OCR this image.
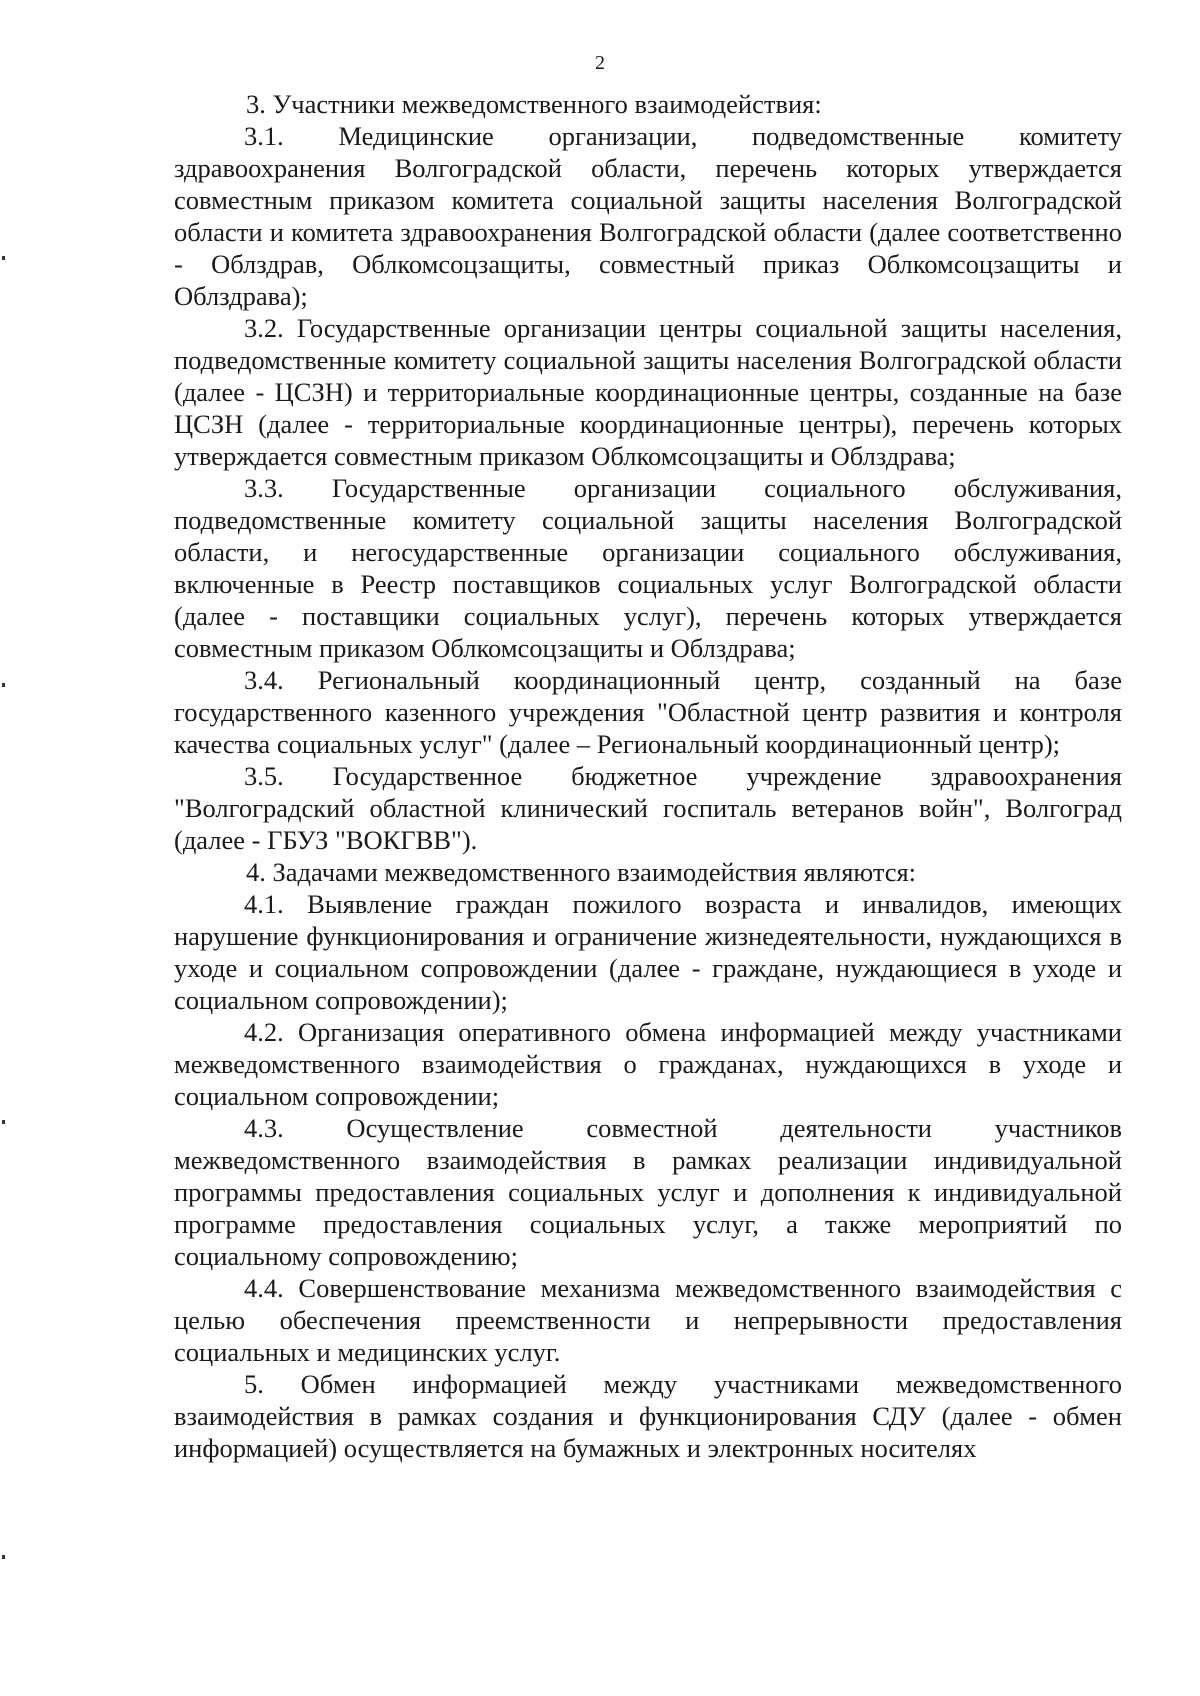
2

3. Участники межведомственного взаимодействия:

3.1. Медицинские организации, подведомственные комитету здравоохранения Волгоградской области, перечень которых утверждается совместным приказом комитета социальной защиты населения Волгоградской области и комитета здравоохранения Волгоградской области (далее соответственно - Облздрав, Облкомсоцзащиты, совместный приказ Облкомсоцзащиты и Облздрава);

3.2. Государственные организации центры социальной защиты населения, подведомственные комитету социальной защиты населения Волгоградской области (далее - ЦСЗН) и территориальные координационные центры, созданные на базе ЦСЗН (далее - территориальные координационные центры), перечень которых утверждается совместным приказом Облкомсоцзащиты и Облздрава;

3.3. Государственные организации социального обслуживания, подведомственные комитету социальной защиты населения Волгоградской области, и негосударственные организации социального обслуживания, включенные в Реестр поставщиков социальных услуг Волгоградской области (далее - поставщики социальных услуг), перечень которых утверждается совместным приказом Облкомсоцзащиты и Облздрава;

3.4. Региональный координационный центр, созданный на базе государственного казенного учреждения "Областной центр развития и контроля качества социальных услуг" (далее – Региональный координационный центр);

3.5. Государственное бюджетное учреждение здравоохранения "Волгоградский областной клинический госпиталь ветеранов войн", Волгоград (далее - ГБУЗ "ВОКГВВ").

4. Задачами межведомственного взаимодействия являются:

4.1. Выявление граждан пожилого возраста и инвалидов, имеющих нарушение функционирования и ограничение жизнедеятельности, нуждающихся в уходе и социальном сопровождении (далее - граждане, нуждающиеся в уходе и социальном сопровождении);

4.2. Организация оперативного обмена информацией между участниками межведомственного взаимодействия о гражданах, нуждающихся в уходе и социальном сопровождении;

4.3. Осуществление совместной деятельности участников межведомственного взаимодействия в рамках реализации индивидуальной программы предоставления социальных услуг и дополнения к индивидуальной программе предоставления социальных услуг, а также мероприятий по социальному сопровождению;

4.4. Совершенствование механизма межведомственного взаимодействия с целью обеспечения преемственности и непрерывности предоставления социальных и медицинских услуг.

5. Обмен информацией между участниками межведомственного взаимодействия в рамках создания и функционирования СДУ (далее - обмен информацией) осуществляется на бумажных и электронных носителях
